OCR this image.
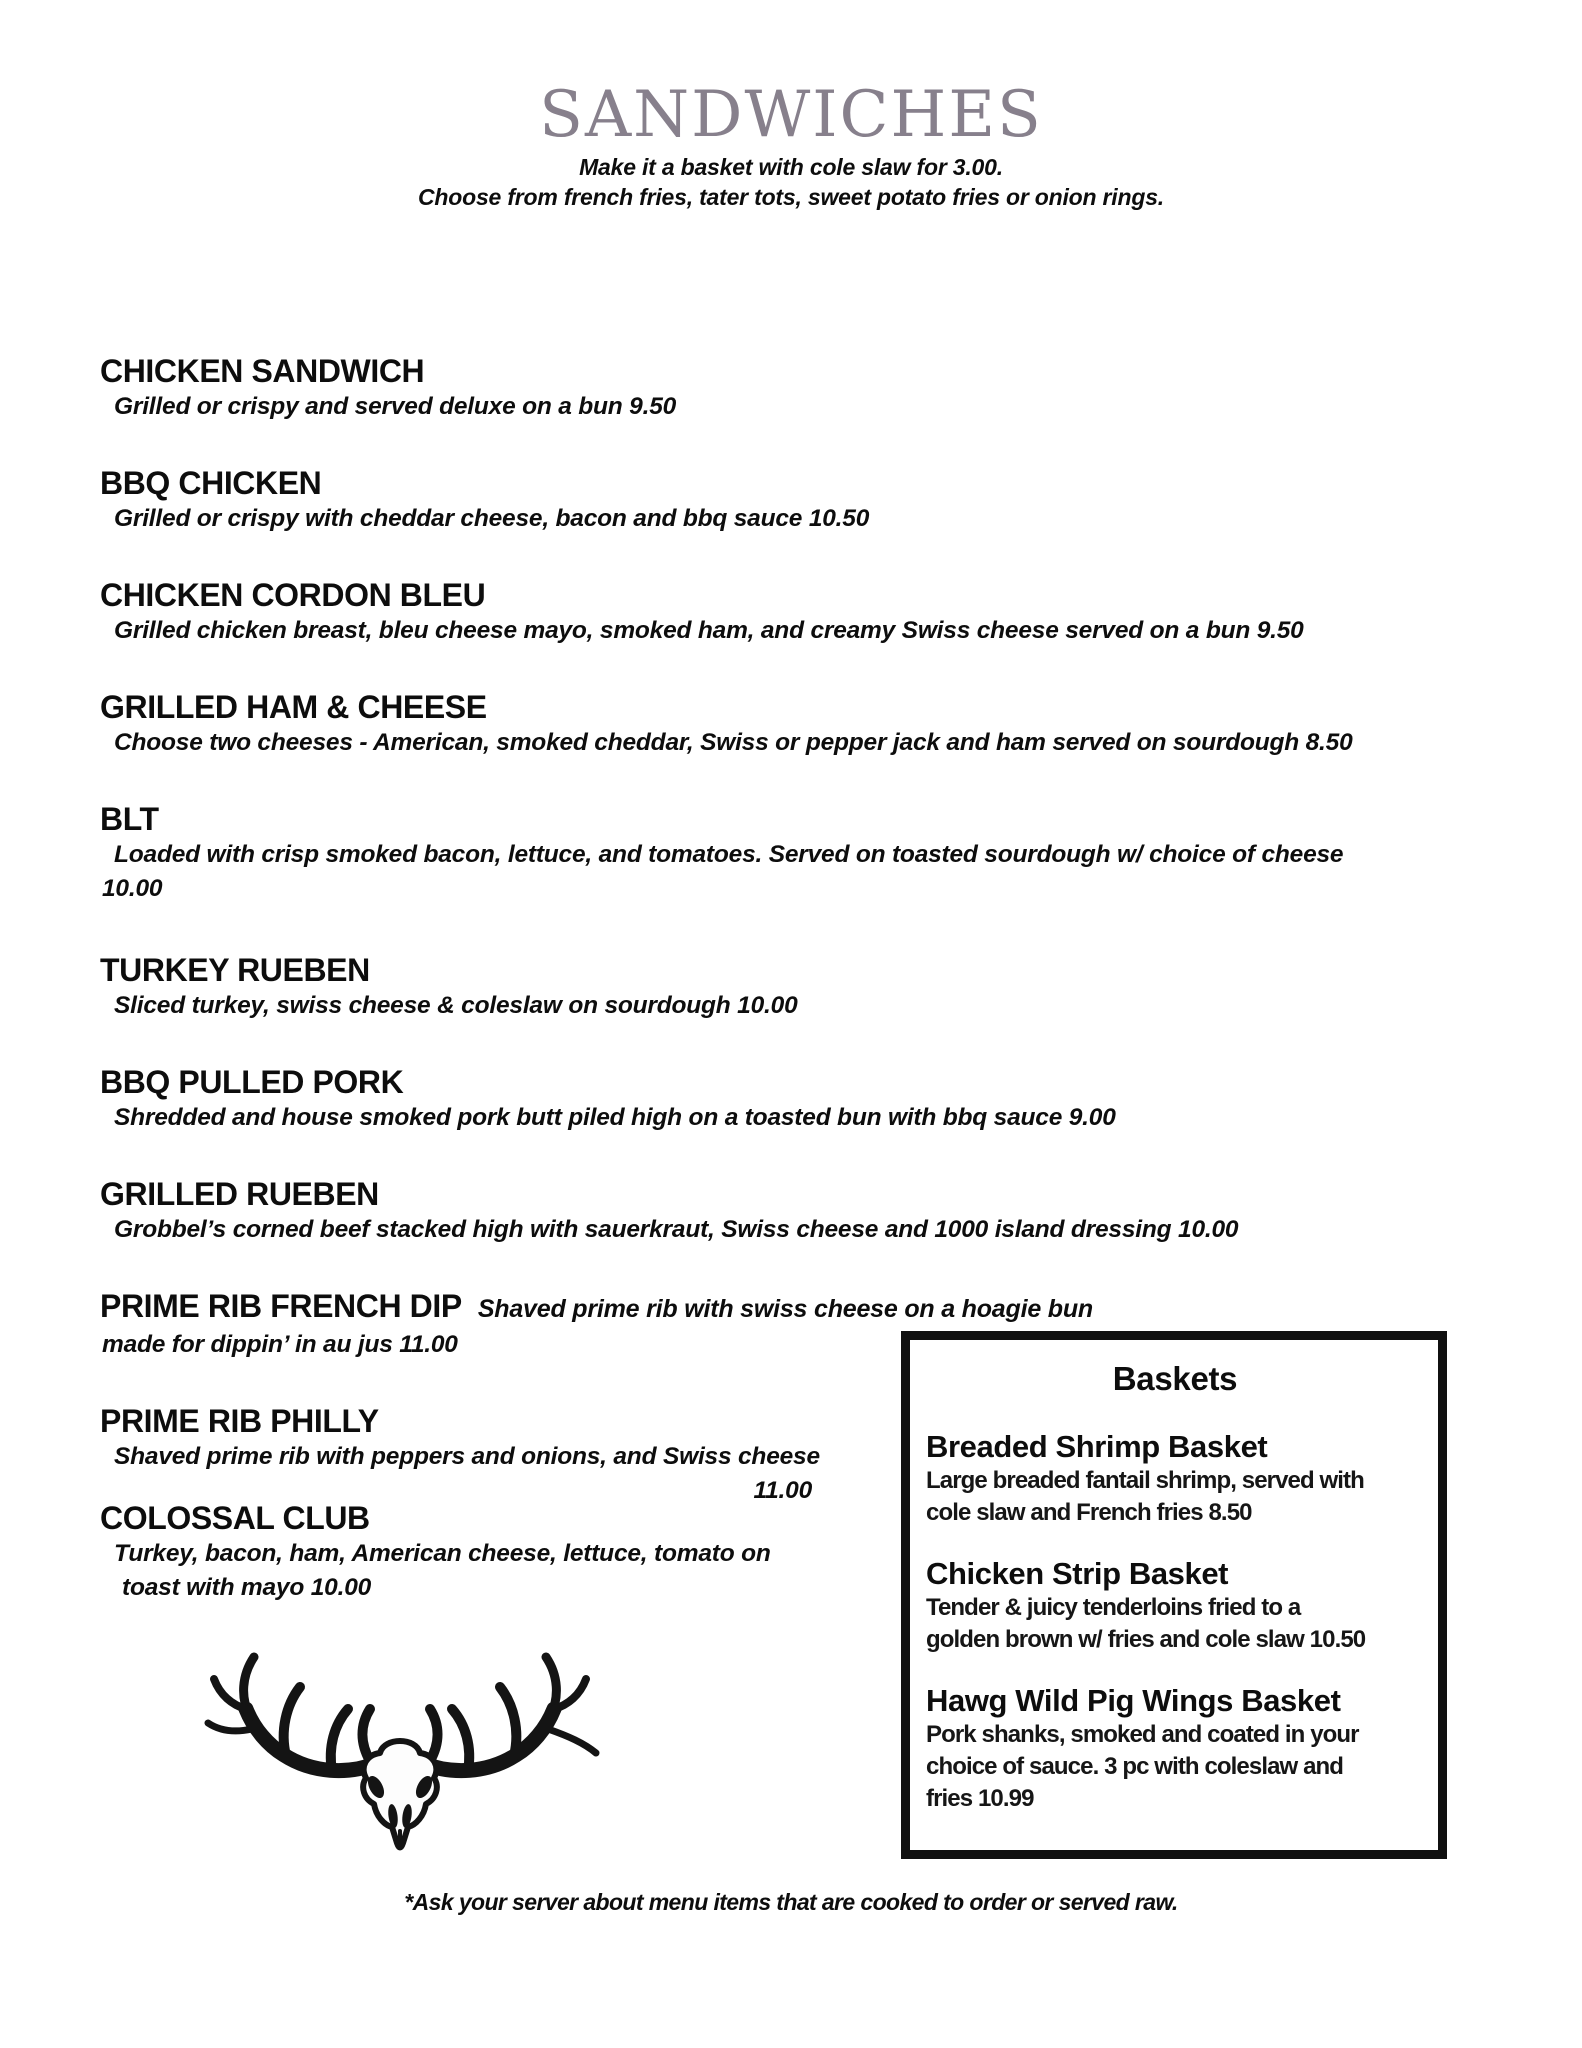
SANDWICHES
Make it a basket with cole slaw for 3.00.
Choose from french fries, tater tots, sweet potato fries or onion rings.
CHICKEN SANDWICH
Grilled or crispy and served deluxe on a bun 9.50
BBQ CHICKEN
Grilled or crispy with cheddar cheese, bacon and bbq sauce 10.50
CHICKEN CORDON BLEU
Grilled chicken breast, bleu cheese mayo, smoked ham, and creamy Swiss cheese served on a bun 9.50
GRILLED HAM & CHEESE
Choose two cheeses - American, smoked cheddar, Swiss or pepper jack and ham served on sourdough 8.50
BLT
Loaded with crisp smoked bacon, lettuce, and tomatoes. Served on toasted sourdough w/ choice of cheese
10.00
TURKEY RUEBEN
Sliced turkey, swiss cheese & coleslaw on sourdough 10.00
BBQ PULLED PORK
Shredded and house smoked pork butt piled high on a toasted bun with bbq sauce 9.00
GRILLED RUEBEN
Grobbel’s corned beef stacked high with sauerkraut, Swiss cheese and 1000 island dressing 10.00
PRIME RIB FRENCH DIP Shaved prime rib with swiss cheese on a hoagie bun
made for dippin’ in au jus 11.00
PRIME RIB PHILLY
Shaved prime rib with peppers and onions, and Swiss cheese
11.00
COLOSSAL CLUB
Turkey, bacon, ham, American cheese, lettuce, tomato on
toast with mayo 10.00
Baskets
Breaded Shrimp Basket
Large breaded fantail shrimp, served with
cole slaw and French fries 8.50
Chicken Strip Basket
Tender & juicy tenderloins fried to a
golden brown w/ fries and cole slaw 10.50
Hawg Wild Pig Wings Basket
Pork shanks, smoked and coated in your
choice of sauce. 3 pc with coleslaw and
fries 10.99
*Ask your server about menu items that are cooked to order or served raw.
